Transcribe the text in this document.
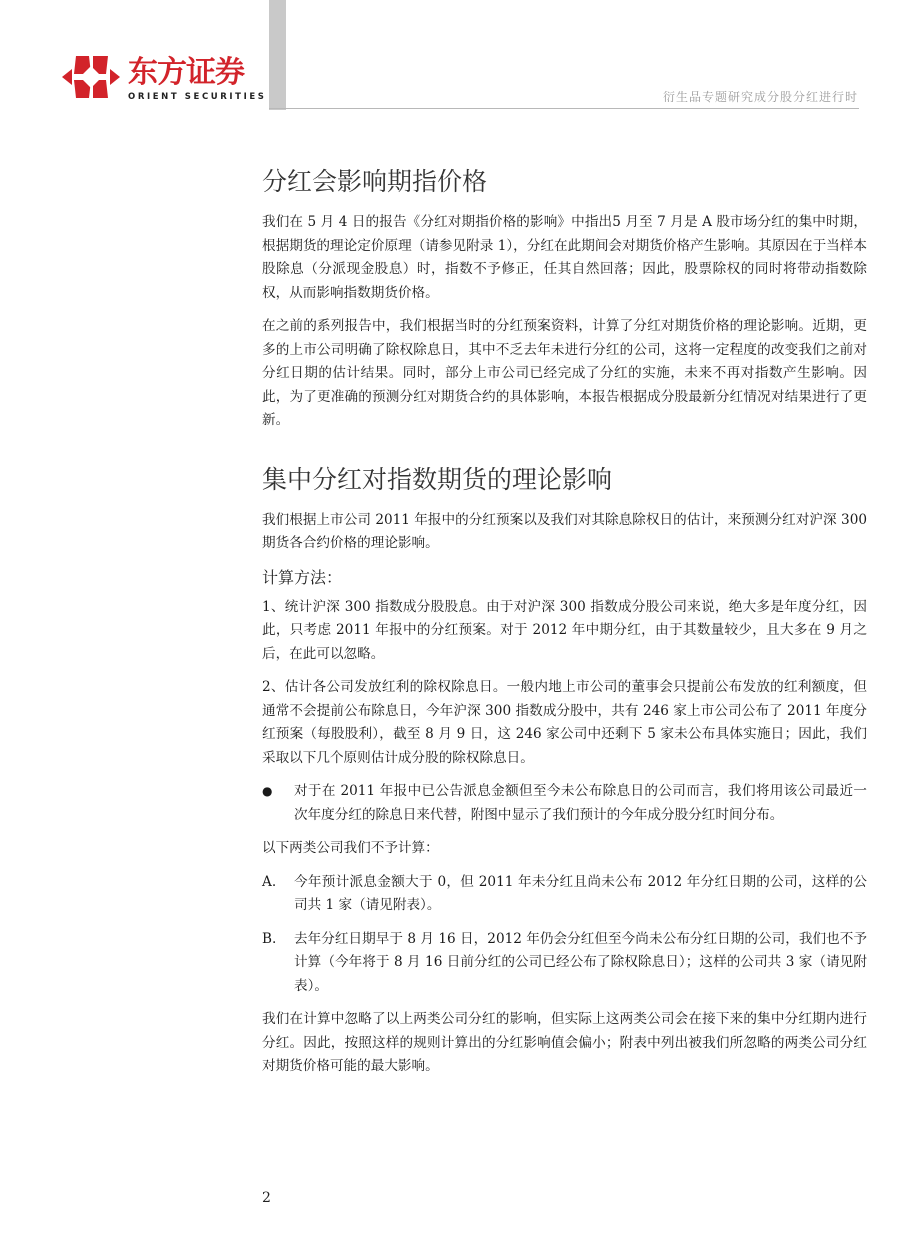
衍生品专题研究成分股分红进行时
东方证券
ORIENT SECURITIES
分红会影响期指价格

我们在 5 月 4 日的报告《分红对期指价格的影响》中指出5 月至 7 月是 A 股市场分红的集中时期，根据期货的理论定价原理（请参见附录 1），分红在此期间会对期货价格产生影响。其原因在于当样本股除息（分派现金股息）时，指数不予修正，任其自然回落；因此，股票除权的同时将带动指数除权，从而影响指数期货价格。

在之前的系列报告中，我们根据当时的分红预案资料，计算了分红对期货价格的理论影响。近期，更多的上市公司明确了除权除息日，其中不乏去年未进行分红的公司，这将一定程度的改变我们之前对分红日期的估计结果。同时，部分上市公司已经完成了分红的实施，未来不再对指数产生影响。因此，为了更准确的预测分红对期货合约的具体影响，本报告根据成分股最新分红情况对结果进行了更新。

集中分红对指数期货的理论影响

我们根据上市公司 2011 年报中的分红预案以及我们对其除息除权日的估计，来预测分红对沪深 300 期货各合约价格的理论影响。

计算方法：

1、统计沪深 300 指数成分股股息。由于对沪深 300 指数成分股公司来说，绝大多是年度分红，因此，只考虑 2011 年报中的分红预案。对于 2012 年中期分红，由于其数量较少，且大多在 9 月之后，在此可以忽略。

2、估计各公司发放红利的除权除息日。一般内地上市公司的董事会只提前公布发放的红利额度，但通常不会提前公布除息日，今年沪深 300 指数成分股中，共有 246 家上市公司公布了 2011 年度分红预案（每股股利），截至 8 月 9 日，这 246 家公司中还剩下 5 家未公布具体实施日；因此，我们采取以下几个原则估计成分股的除权除息日。

●	对于在 2011 年报中已公告派息金额但至今未公布除息日的公司而言，我们将用该公司最近一次年度分红的除息日来代替，附图中显示了我们预计的今年成分股分红时间分布。

以下两类公司我们不予计算：

A.	今年预计派息金额大于 0，但 2011 年未分红且尚未公布 2012 年分红日期的公司，这样的公司共 1 家（请见附表）。
B.	去年分红日期早于 8 月 16 日，2012 年仍会分红但至今尚未公布分红日期的公司，我们也不予计算（今年将于 8 月 16 日前分红的公司已经公布了除权除息日）；这样的公司共 3 家（请见附表）。

我们在计算中忽略了以上两类公司分红的影响，但实际上这两类公司会在接下来的集中分红期内进行分红。因此，按照这样的规则计算出的分红影响值会偏小；附表中列出被我们所忽略的两类公司分红对期货价格可能的最大影响。

2
